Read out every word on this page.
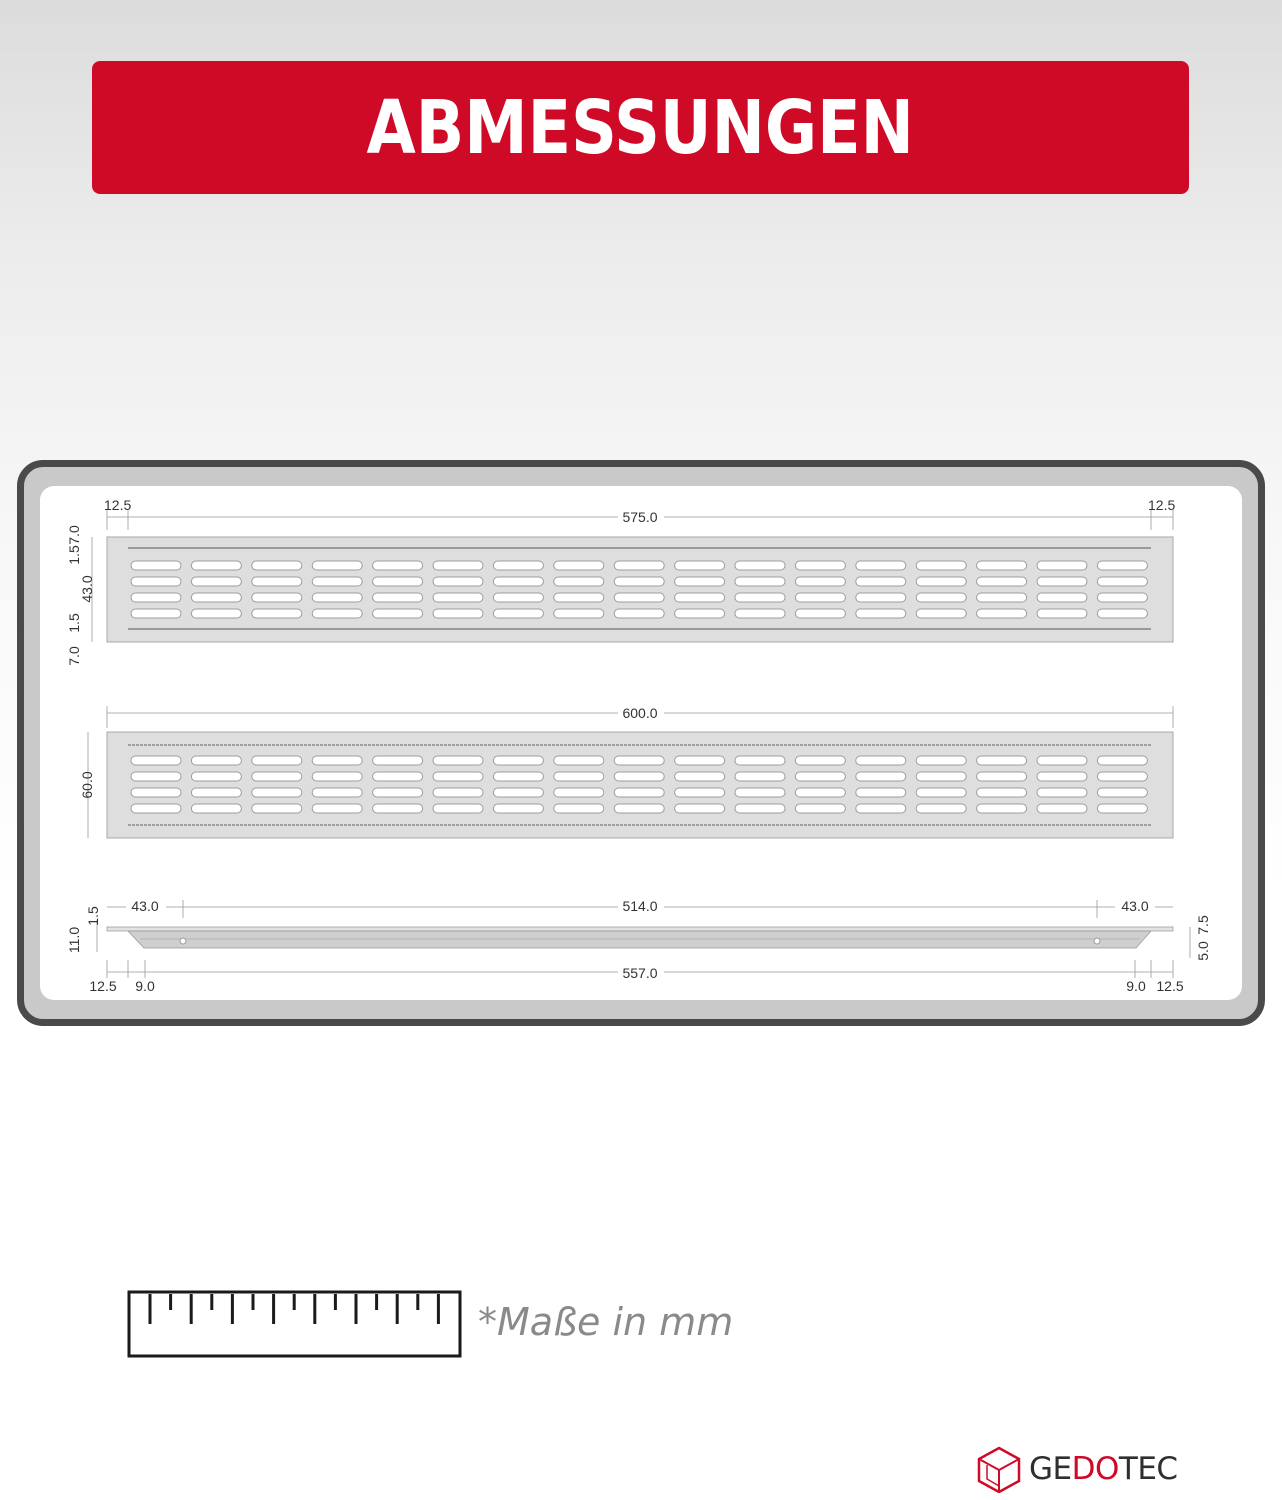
ABMESSUNGEN
575.0
12.5	12.5
7.0
1.5
43.0
1.5
7.0
600.0
60.0
43.0	514.0	43.0
557.0
12.5 9.0	9.0 12.5
11.0
1.5
5.0
7.5
*Maße in mm
GEDOTEC
